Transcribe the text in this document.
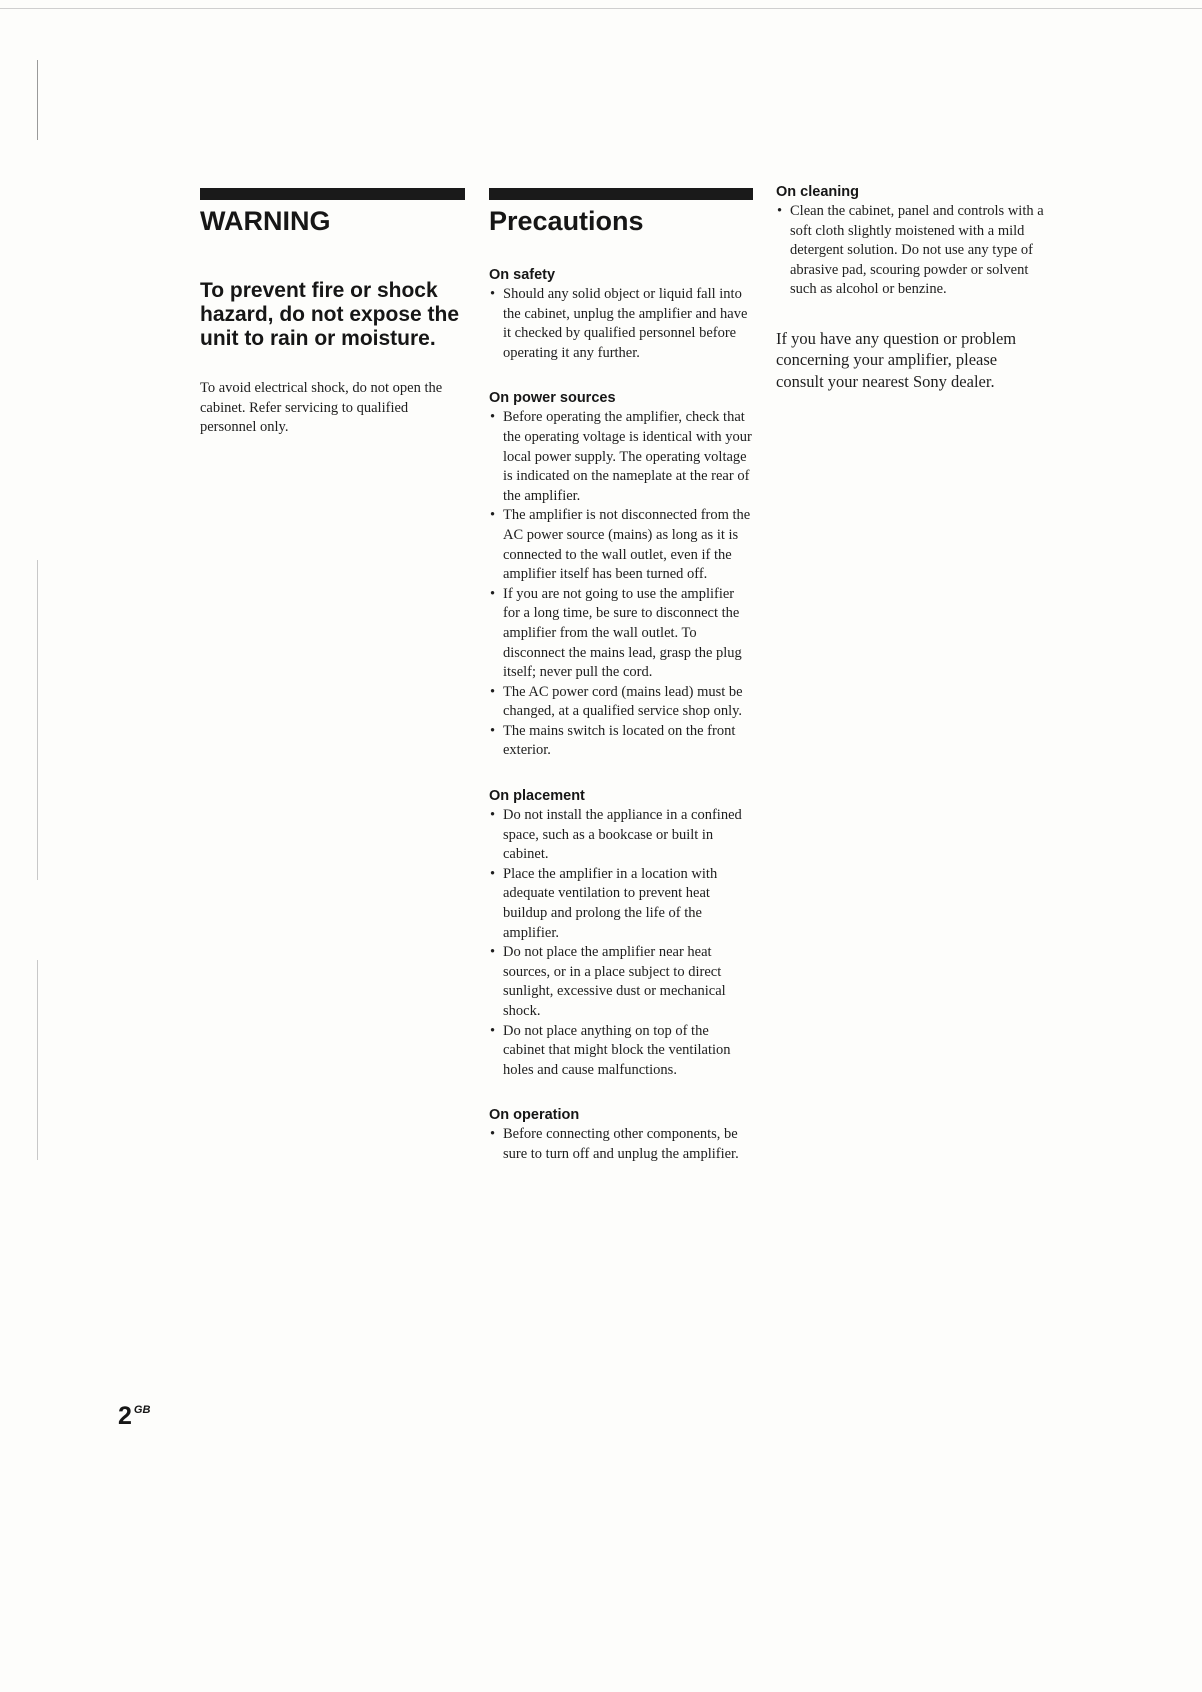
WARNING
To prevent fire or shock hazard, do not expose the unit to rain or moisture.

To avoid electrical shock, do not open the cabinet. Refer servicing to qualified personnel only.

Precautions
On safety
• Should any solid object or liquid fall into the cabinet, unplug the amplifier and have it checked by qualified personnel before operating it any further.
On power sources
• Before operating the amplifier, check that the operating voltage is identical with your local power supply. The operating voltage is indicated on the nameplate at the rear of the amplifier.
• The amplifier is not disconnected from the AC power source (mains) as long as it is connected to the wall outlet, even if the amplifier itself has been turned off.
• If you are not going to use the amplifier for a long time, be sure to disconnect the amplifier from the wall outlet. To disconnect the mains lead, grasp the plug itself; never pull the cord.
• The AC power cord (mains lead) must be changed, at a qualified service shop only.
• The mains switch is located on the front exterior.
On placement
• Do not install the appliance in a confined space, such as a bookcase or built in cabinet.
• Place the amplifier in a location with adequate ventilation to prevent heat buildup and prolong the life of the amplifier.
• Do not place the amplifier near heat sources, or in a place subject to direct sunlight, excessive dust or mechanical shock.
• Do not place anything on top of the cabinet that might block the ventilation holes and cause malfunctions.
On operation
• Before connecting other components, be sure to turn off and unplug the amplifier.
On cleaning
• Clean the cabinet, panel and controls with a soft cloth slightly moistened with a mild detergent solution. Do not use any type of abrasive pad, scouring powder or solvent such as alcohol or benzine.

If you have any question or problem concerning your amplifier, please consult your nearest Sony dealer.

2 $^{GB}$
